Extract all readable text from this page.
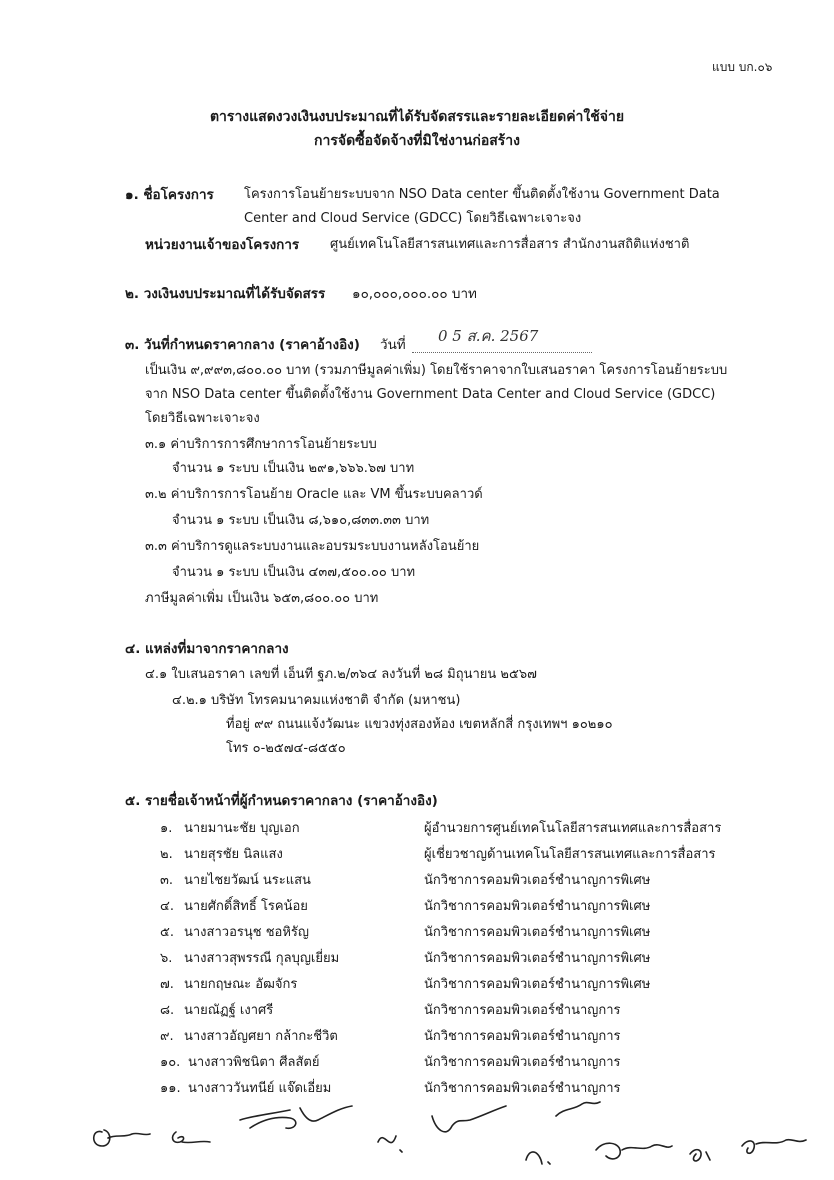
แบบ บก.๐๖
ตารางแสดงวงเงินงบประมาณที่ได้รับจัดสรรและรายละเอียดค่าใช้จ่าย
การจัดซื้อจัดจ้างที่มิใช่งานก่อสร้าง
๑. ชื่อโครงการ โครงการโอนย้ายระบบจาก NSO Data center ขึ้นติดตั้งใช้งาน Government Data
Center and Cloud Service (GDCC) โดยวิธีเฉพาะเจาะจง
หน่วยงานเจ้าของโครงการ ศูนย์เทคโนโลยีสารสนเทศและการสื่อสาร สำนักงานสถิติแห่งชาติ
๒. วงเงินงบประมาณที่ได้รับจัดสรร ๑๐,๐๐๐,๐๐๐.๐๐ บาท
๓. วันที่กำหนดราคากลาง (ราคาอ้างอิง) วันที่ 0 5 ส.ค. 2567
เป็นเงิน ๙,๙๙๓,๘๐๐.๐๐ บาท (รวมภาษีมูลค่าเพิ่ม) โดยใช้ราคาจากใบเสนอราคา โครงการโอนย้ายระบบ
จาก NSO Data center ขึ้นติดตั้งใช้งาน Government Data Center and Cloud Service (GDCC)
โดยวิธีเฉพาะเจาะจง
๓.๑ ค่าบริการการศึกษาการโอนย้ายระบบ
จำนวน ๑ ระบบ เป็นเงิน ๒๙๑,๖๖๖.๖๗ บาท
๓.๒ ค่าบริการการโอนย้าย Oracle และ VM ขึ้นระบบคลาวด์
จำนวน ๑ ระบบ เป็นเงิน ๘,๖๑๐,๘๓๓.๓๓ บาท
๓.๓ ค่าบริการดูแลระบบงานและอบรมระบบงานหลังโอนย้าย
จำนวน ๑ ระบบ เป็นเงิน ๔๓๗,๕๐๐.๐๐ บาท
ภาษีมูลค่าเพิ่ม เป็นเงิน ๖๕๓,๘๐๐.๐๐ บาท
๔. แหล่งที่มาจากราคากลาง
๔.๑ ใบเสนอราคา เลขที่ เอ็นที ฐภ.๒/๓๖๔ ลงวันที่ ๒๘ มิถุนายน ๒๕๖๗
๔.๒.๑ บริษัท โทรคมนาคมแห่งชาติ จำกัด (มหาชน)
ที่อยู่ ๙๙ ถนนแจ้งวัฒนะ แขวงทุ่งสองห้อง เขตหลักสี่ กรุงเทพฯ ๑๐๒๑๐
โทร ๐-๒๕๗๔-๘๕๕๐
๕. รายชื่อเจ้าหน้าที่ผู้กำหนดราคากลาง (ราคาอ้างอิง)
๑. นายมานะชัย บุญเอก	ผู้อำนวยการศูนย์เทคโนโลยีสารสนเทศและการสื่อสาร
๒. นายสุรชัย นิลแสง	ผู้เชี่ยวชาญด้านเทคโนโลยีสารสนเทศและการสื่อสาร
๓. นายไชยวัฒน์ นระแสน	นักวิชาการคอมพิวเตอร์ชำนาญการพิเศษ
๔. นายศักดิ์สิทธิ์ โรคน้อย	นักวิชาการคอมพิวเตอร์ชำนาญการพิเศษ
๕. นางสาวอรนุช ชอหิรัญ	นักวิชาการคอมพิวเตอร์ชำนาญการพิเศษ
๖. นางสาวสุพรรณี กุลบุญเยี่ยม	นักวิชาการคอมพิวเตอร์ชำนาญการพิเศษ
๗. นายกฤษณะ อัฒจักร	นักวิชาการคอมพิวเตอร์ชำนาญการพิเศษ
๘. นายณัฏฐ์ เงาศรี	นักวิชาการคอมพิวเตอร์ชำนาญการ
๙. นางสาวอัญศยา กล้ากะชีวิต	นักวิชาการคอมพิวเตอร์ชำนาญการ
๑๐. นางสาวพิชนิตา ศีลสัตย์	นักวิชาการคอมพิวเตอร์ชำนาญการ
๑๑. นางสาววันทนีย์ แจ๊ดเอี่ยม	นักวิชาการคอมพิวเตอร์ชำนาญการ
